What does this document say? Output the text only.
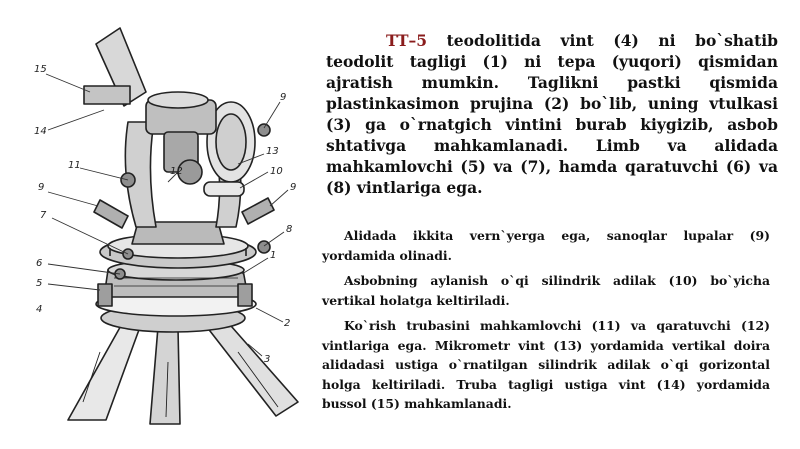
15
14
11
12
9
13
10
9
9
7
8
6
1
5
4
2
3

TT–5 teodolitida vint (4) ni bo`shatib teodolit tagligi (1) ni tepa (yuqori) qismidan ajratish mumkin. Taglikni pastki qismida plastinkasimon prujina (2) bo`lib, uning vtulkasi (3) ga o`rnatgich vintini burab kiygizib, asbob shtativga mahkamlanadi. Limb va alidada mahkamlovchi (5) va (7), hamda qaratuvchi (6) va (8) vintlariga ega.

Alidada ikkita vern`yerga ega, sanoqlar lupalar (9) yordamida olinadi.

Asbobning aylanish o`qi silindrik adilak (10) bo`yicha vertikal holatga keltiriladi.

Ko`rish trubasini mahkamlovchi (11) va qaratuvchi (12) vintlariga ega. Mikrometr vint (13) yordamida vertikal doira alidadasi ustiga o`rnatilgan silindrik adilak o`qi gorizontal holga keltiriladi. Truba tagligi ustiga vint (14) yordamida bussol (15) mahkamlanadi.
